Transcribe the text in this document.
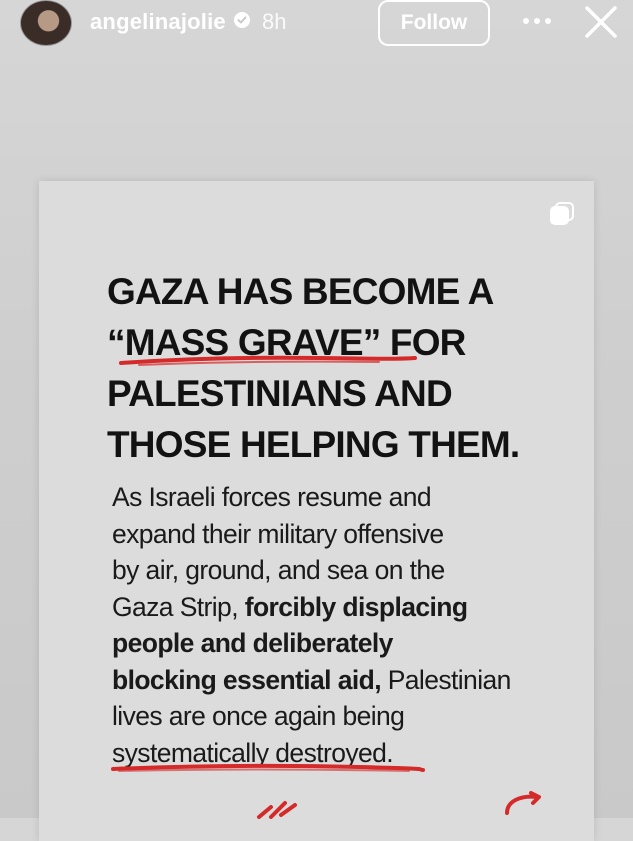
angelinajolie 8h	Follow
GAZA HAS BECOME A
“MASS GRAVE” FOR
PALESTINIANS AND
THOSE HELPING THEM.
As Israeli forces resume and
expand their military offensive
by air, ground, and sea on the
Gaza Strip, forcibly displacing
people and deliberately
blocking essential aid, Palestinian
lives are once again being
systematically destroyed.
